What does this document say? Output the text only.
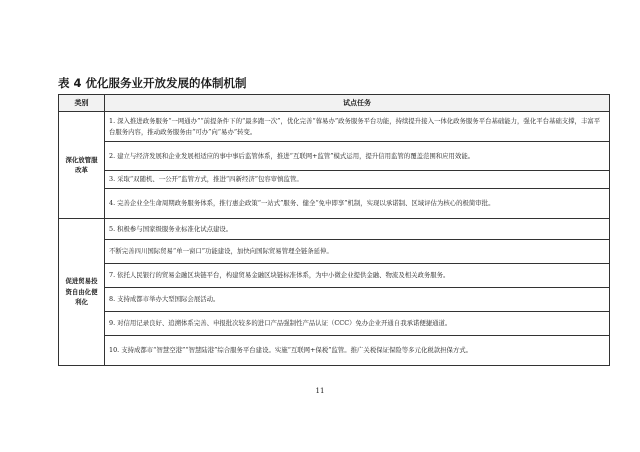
表 4 优化服务业开放发展的体制机制
类别	试点任务
深化放管服改革	1. 深入推进政务服务“一网通办”“前提条件下的“最多跑一次”，优化完善“蓉易办”政务服务平台功能，持续提升接入一体化政务服务平台基础能力，强化平台基础支撑，丰富平台服务内容，推动政务服务由“可办”向“易办”转变。

	2. 建立与经济发展和企业发展相适应的事中事后监管体系，推进“互联网+监管”模式运用，提升信用监管的覆盖范围和应用效能。

	3. 采取“双随机、一公开”监管方式，推进“四新经济”包容审慎监管。

	4. 完善企业全生命周期政务服务体系，推行惠企政策“一站式”服务、健全“免申即享”机制，实现以承诺制、区域评估为核心的极简审批。

促进贸易投资自由化便利化	5. 积极参与国家级服务业标准化试点建设。

	不断完善四川国际贸易“单一窗口”功能建设，加快向国际贸易管理全链条延伸。

	7. 依托人民银行的贸易金融区块链平台，构建贸易金融区块链标准体系，为中小微企业提供金融、物流及相关政务服务。

	8. 支持成都市举办大型国际会展活动。

	9. 对信用记录良好、追溯体系完善、申报批次较多的进口产品强制性产品认证（CCC）免办企业开通自我承诺便捷通道。

	10. 支持成都市“智慧空港”“智慧陆港”综合服务平台建设。实施“互联网+保税”监管。推广关税保证保险等多元化税款担保方式。
11
